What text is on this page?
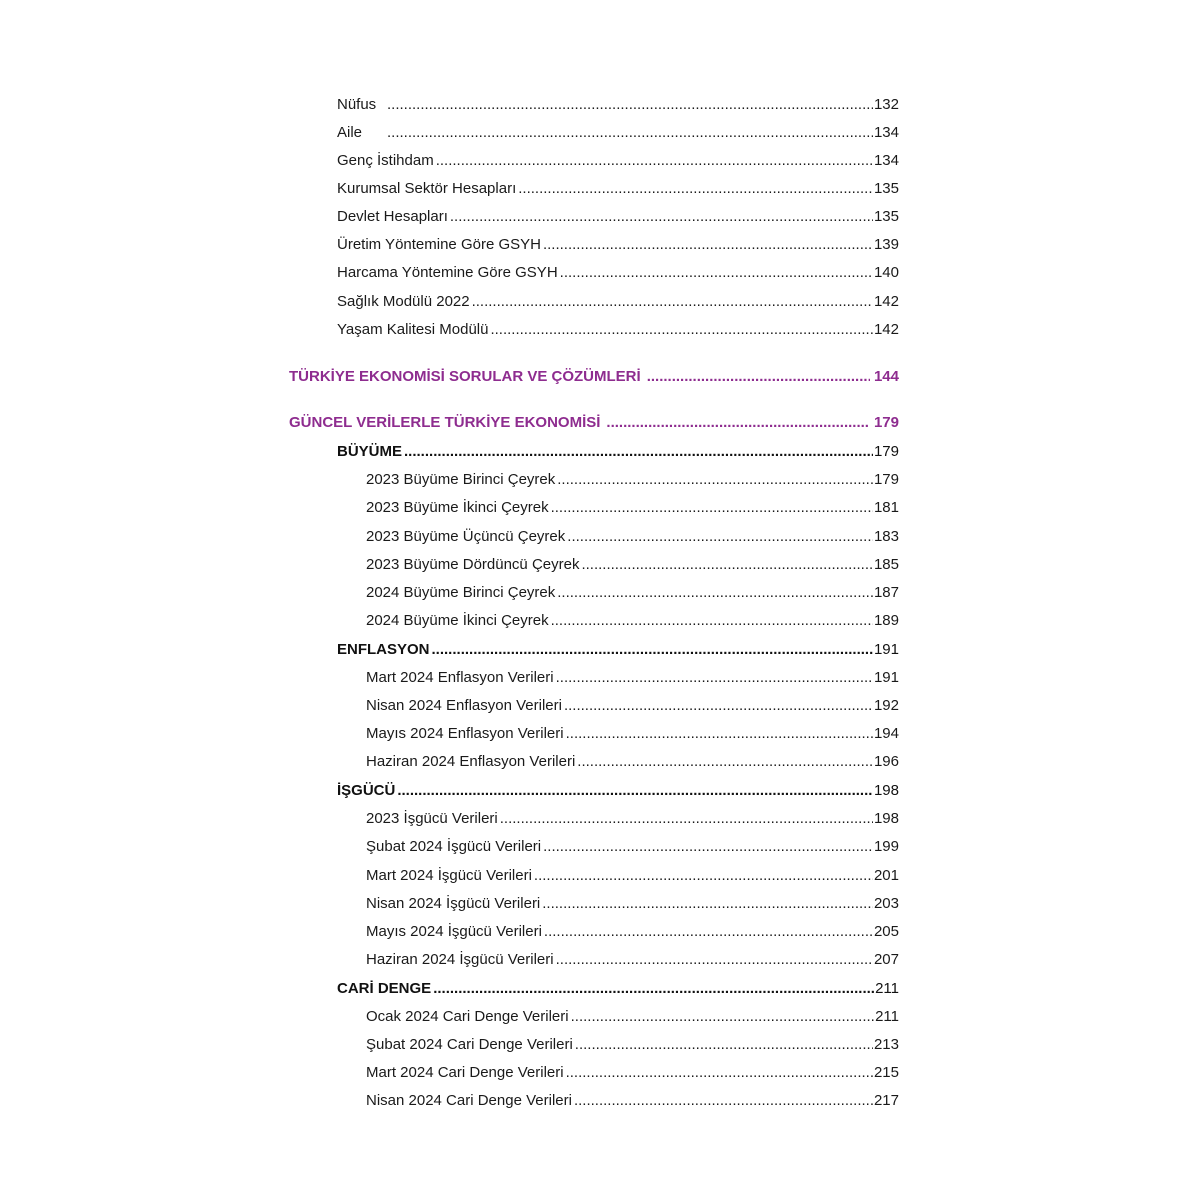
Nüfus .....	132
Aile .....	134
Genç İstihdam .....	134
Kurumsal Sektör Hesapları .....	135
Devlet Hesapları .....	135
Üretim Yöntemine Göre GSYH .....	139
Harcama Yöntemine Göre GSYH .....	140
Sağlık Modülü 2022 .....	142
Yaşam Kalitesi Modülü .....	142
TÜRKİYE EKONOMİSİ SORULAR VE ÇÖZÜMLERİ .....	144
GÜNCEL VERİLERLE TÜRKİYE EKONOMİSİ .....	179
BÜYÜME .....	179
2023 Büyüme Birinci Çeyrek .....	179
2023 Büyüme İkinci Çeyrek .....	181
2023 Büyüme Üçüncü Çeyrek .....	183
2023 Büyüme Dördüncü Çeyrek .....	185
2024 Büyüme Birinci Çeyrek .....	187
2024 Büyüme İkinci Çeyrek .....	189
ENFLASYON .....	191
Mart 2024 Enflasyon Verileri .....	191
Nisan 2024 Enflasyon Verileri .....	192
Mayıs 2024 Enflasyon Verileri .....	194
Haziran 2024 Enflasyon Verileri .....	196
İŞGÜCÜ .....	198
2023 İşgücü Verileri .....	198
Şubat 2024 İşgücü Verileri .....	199
Mart 2024 İşgücü Verileri .....	201
Nisan 2024 İşgücü Verileri .....	203
Mayıs 2024 İşgücü Verileri .....	205
Haziran 2024 İşgücü Verileri .....	207
CARİ DENGE .....	211
Ocak 2024 Cari Denge Verileri .....	211
Şubat 2024 Cari Denge Verileri .....	213
Mart 2024 Cari Denge Verileri .....	215
Nisan 2024 Cari Denge Verileri .....	217
